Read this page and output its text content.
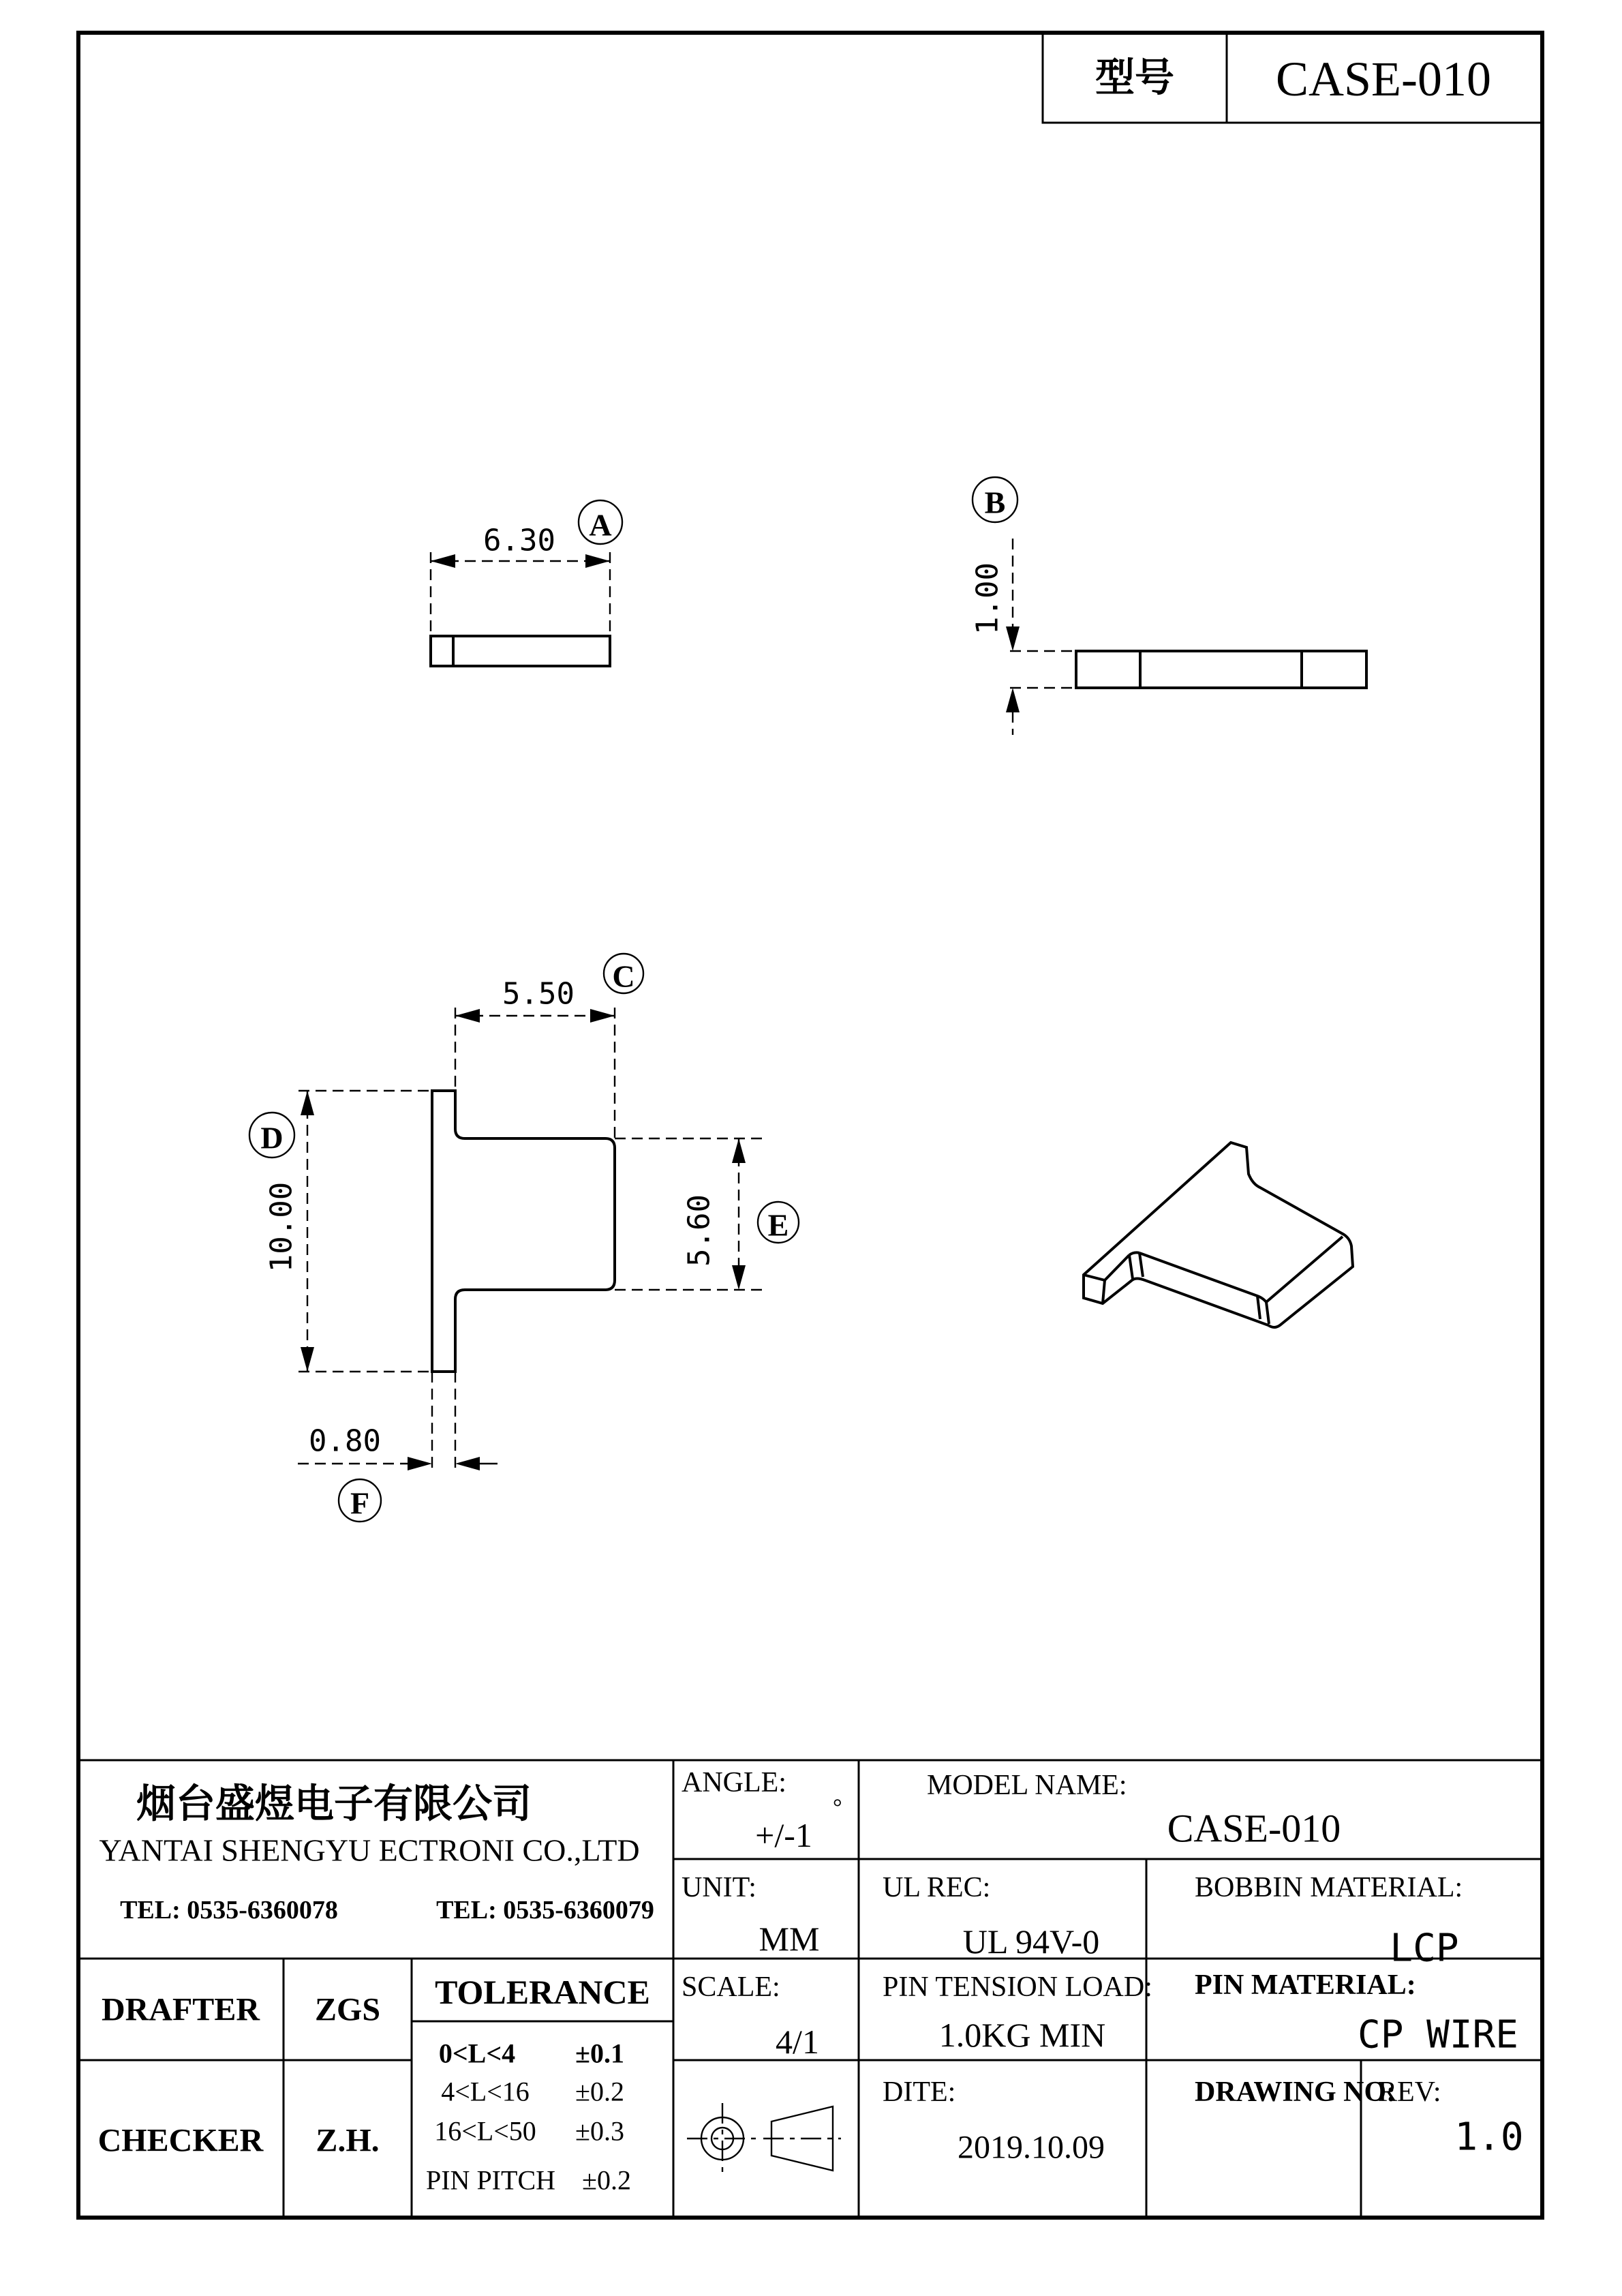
型号 CASE-010
6.30 A
1.00
B
5.50
C
10.00
D
5.60 E
0.80
F
烟台盛煜电子有限公司
YANTAI SHENGYU ECTRONI CO.,LTD
TEL: 0535-6360078	TEL: 0535-6360079
ANGLE:
+/-1
°
MODEL NAME:
CASE-010
UNIT:
MM
UL REC:
UL 94V-0
BOBBIN MATERIAL:
LCP
SCALE:
4/1
PIN TENSION LOAD:
1.0KG MIN
PIN MATERIAL:
CP WIRE
DITE:
2019.10.09
DRAWING NO:
REV:
1.0
DRAFTER ZGS
CHECKER Z.H.
TOLERANCE
0<L<4 ±0.1
4<L<16 ±0.2
16<L<50 ±0.3
PIN PITCH ±0.2
